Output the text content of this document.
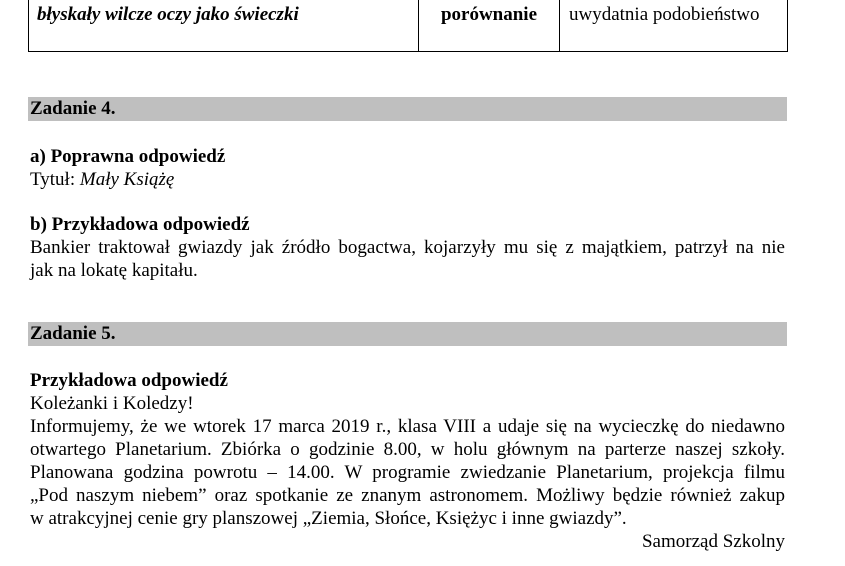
błyskały wilcze oczy jako świeczki	porównanie	uwydatnia podobieństwo
Zadanie 4.
a) Poprawna odpowiedź
Tytuł: Mały Książę
b) Przykładowa odpowiedź
Bankier traktował gwiazdy jak źródło bogactwa, kojarzyły mu się z majątkiem, patrzył na nie
jak na lokatę kapitału.
Zadanie 5.
Przykładowa odpowiedź
Koleżanki i Koledzy!
Informujemy, że we wtorek 17 marca 2019 r., klasa VIII a udaje się na wycieczkę do niedawno
otwartego Planetarium. Zbiórka o godzinie 8.00, w holu głównym na parterze naszej szkoły.
Planowana godzina powrotu – 14.00. W programie zwiedzanie Planetarium, projekcja filmu
„Pod naszym niebem” oraz spotkanie ze znanym astronomem. Możliwy będzie również zakup
w atrakcyjnej cenie gry planszowej „Ziemia, Słońce, Księżyc i inne gwiazdy”.
Samorząd Szkolny
